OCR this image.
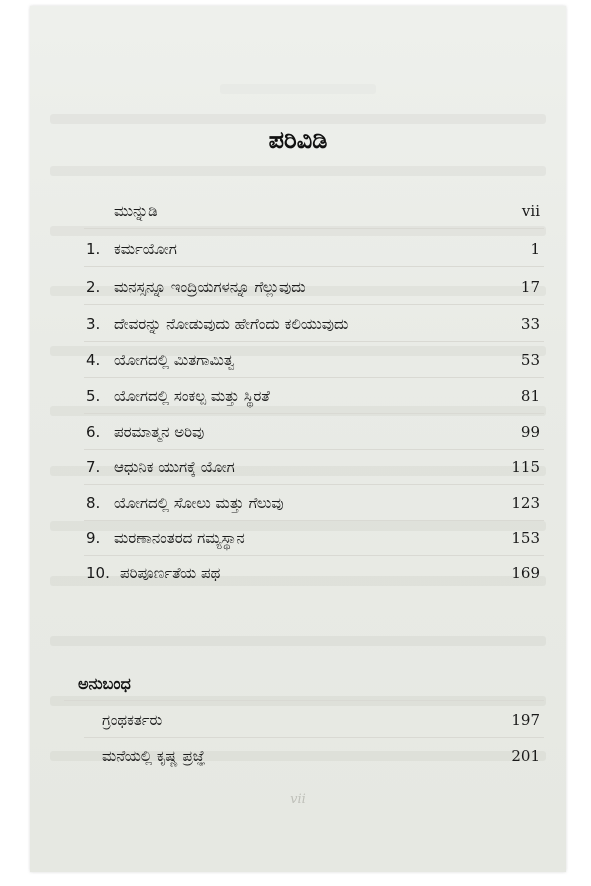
ಪರಿವಿಡಿ
ಮುನ್ನುಡಿ	vii
1. ಕರ್ಮಯೋಗ	1
2. ಮನಸ್ಸನ್ನೂ ಇಂದ್ರಿಯಗಳನ್ನೂ ಗೆಲ್ಲುವುದು	17
3. ದೇವರನ್ನು ನೋಡುವುದು ಹೇಗೆಂದು ಕಲಿಯುವುದು	33
4. ಯೋಗದಲ್ಲಿ ಮಿತಗಾಮಿತ್ವ	53
5. ಯೋಗದಲ್ಲಿ ಸಂಕಲ್ಪ ಮತ್ತು ಸ್ಥಿರತೆ	81
6. ಪರಮಾತ್ಮನ ಅರಿವು	99
7. ಆಧುನಿಕ ಯುಗಕ್ಕೆ ಯೋಗ	115
8. ಯೋಗದಲ್ಲಿ ಸೋಲು ಮತ್ತು ಗೆಲುವು	123
9. ಮರಣಾನಂತರದ ಗಮ್ಯಸ್ಥಾನ	153
10. ಪರಿಪೂರ್ಣತೆಯ ಪಥ	169
ಅನುಬಂಧ
ಗ್ರಂಥಕರ್ತರು	197
ಮನೆಯಲ್ಲಿ ಕೃಷ್ಣ ಪ್ರಜ್ಞೆ	201
vii
